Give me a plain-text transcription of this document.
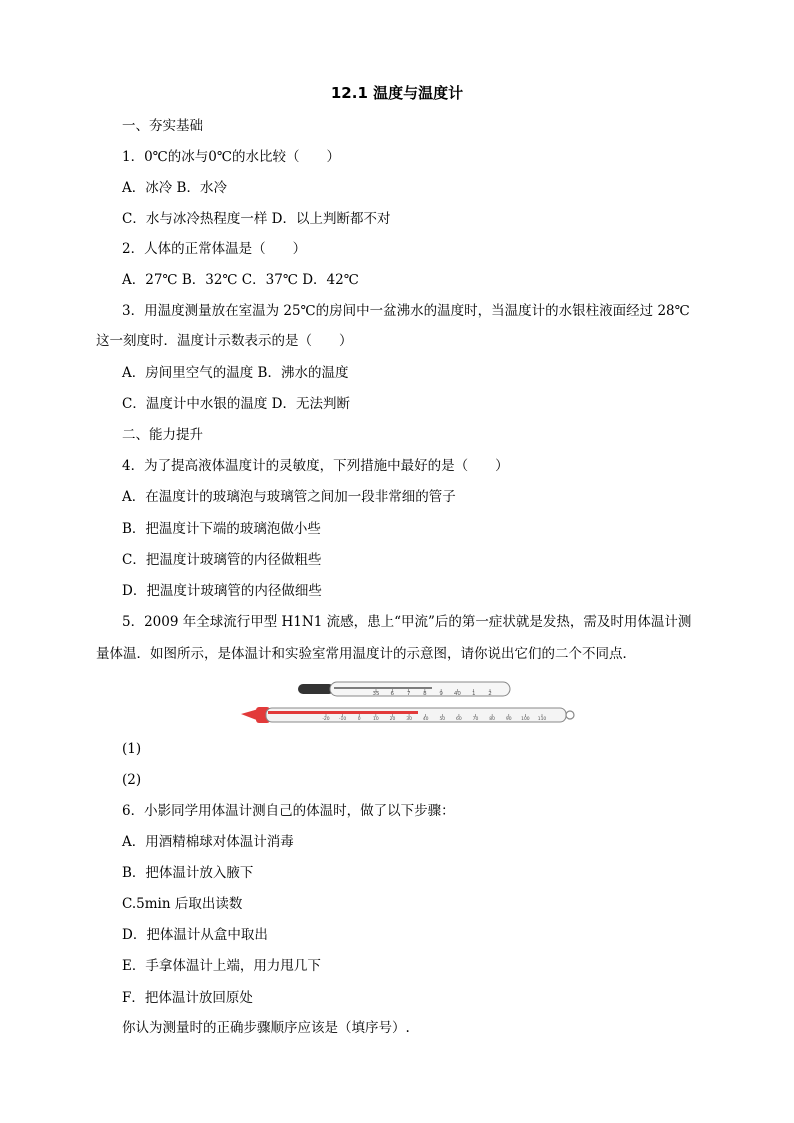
12.1 温度与温度计
一、夯实基础
1．0℃的冰与0℃的水比较（　　）
A．冰冷 B．水冷
C．水与冰冷热程度一样 D．以上判断都不对
2．人体的正常体温是（　　）
A．27℃ B．32℃ C．37℃ D．42℃
3．用温度测量放在室温为 25℃的房间中一盆沸水的温度时，当温度计的水银柱液面经过 28℃
这一刻度时．温度计示数表示的是（　　）
A．房间里空气的温度 B．沸水的温度
C．温度计中水银的温度 D．无法判断
二、能力提升
4．为了提高液体温度计的灵敏度，下列措施中最好的是（　　）
A．在温度计的玻璃泡与玻璃管之间加一段非常细的管子
B．把温度计下端的玻璃泡做小些
C．把温度计玻璃管的内径做粗些
D．把温度计玻璃管的内径做细些
5．2009 年全球流行甲型 H1N1 流感，患上“甲流”后的第一症状就是发热，需及时用体温计测
量体温．如图所示，是体温计和实验室常用温度计的示意图，请你说出它们的二个不同点．
35 6 7 8 9 40 1 2
-20 -10	0	10 20 30 40 50 60 70 80 90 100 110
(1)
(2)
6．小影同学用体温计测自己的体温时，做了以下步骤：
A．用酒精棉球对体温计消毒
B．把体温计放入腋下
C.5min 后取出读数
D．把体温计从盒中取出
E．手拿体温计上端，用力甩几下
F．把体温计放回原处
你认为测量时的正确步骤顺序应该是（填序号）.
